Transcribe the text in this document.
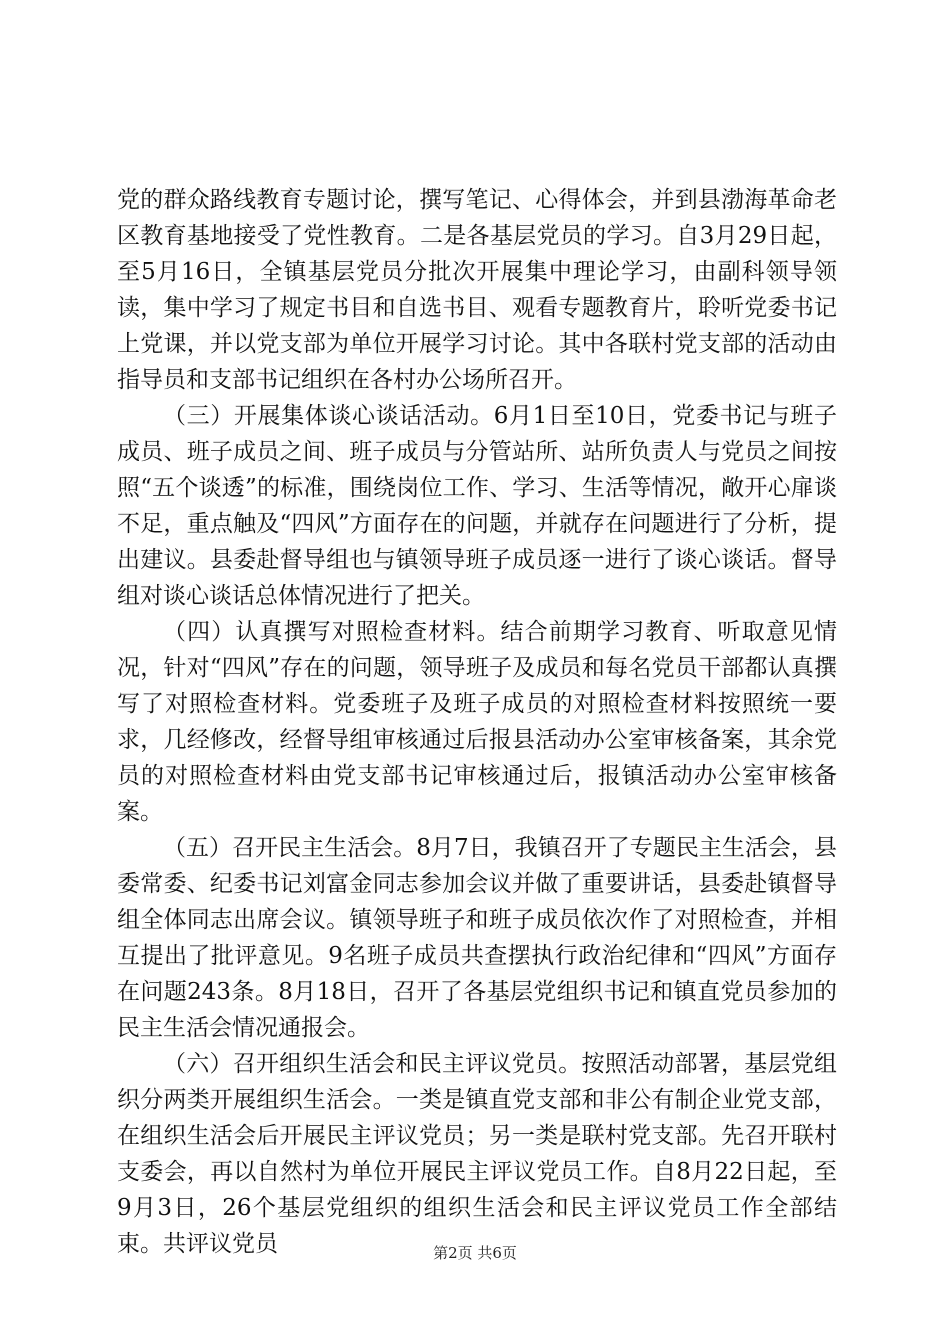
党的群众路线教育专题讨论，撰写笔记、心得体会，并到县渤海革命老区教育基地接受了党性教育。二是各基层党员的学习。自3月29日起，至5月16日，全镇基层党员分批次开展集中理论学习，由副科领导领读，集中学习了规定书目和自选书目、观看专题教育片，聆听党委书记上党课，并以党支部为单位开展学习讨论。其中各联村党支部的活动由指导员和支部书记组织在各村办公场所召开。

（三）开展集体谈心谈话活动。6月1日至10日，党委书记与班子成员、班子成员之间、班子成员与分管站所、站所负责人与党员之间按照“五个谈透”的标准，围绕岗位工作、学习、生活等情况，敞开心扉谈不足，重点触及“四风”方面存在的问题，并就存在问题进行了分析，提出建议。县委赴督导组也与镇领导班子成员逐一进行了谈心谈话。督导组对谈心谈话总体情况进行了把关。

（四）认真撰写对照检查材料。结合前期学习教育、听取意见情况，针对“四风”存在的问题，领导班子及成员和每名党员干部都认真撰写了对照检查材料。党委班子及班子成员的对照检查材料按照统一要求，几经修改，经督导组审核通过后报县活动办公室审核备案，其余党员的对照检查材料由党支部书记审核通过后，报镇活动办公室审核备案。

（五）召开民主生活会。8月7日，我镇召开了专题民主生活会，县委常委、纪委书记刘富金同志参加会议并做了重要讲话，县委赴镇督导组全体同志出席会议。镇领导班子和班子成员依次作了对照检查，并相互提出了批评意见。9名班子成员共查摆执行政治纪律和“四风”方面存在问题243条。8月18日，召开了各基层党组织书记和镇直党员参加的民主生活会情况通报会。

（六）召开组织生活会和民主评议党员。按照活动部署，基层党组织分两类开展组织生活会。一类是镇直党支部和非公有制企业党支部，在组织生活会后开展民主评议党员；另一类是联村党支部。先召开联村支委会，再以自然村为单位开展民主评议党员工作。自8月22日起，至9月3日，26个基层党组织的组织生活会和民主评议党员工作全部结束。共评议党员	第2页 共6页
